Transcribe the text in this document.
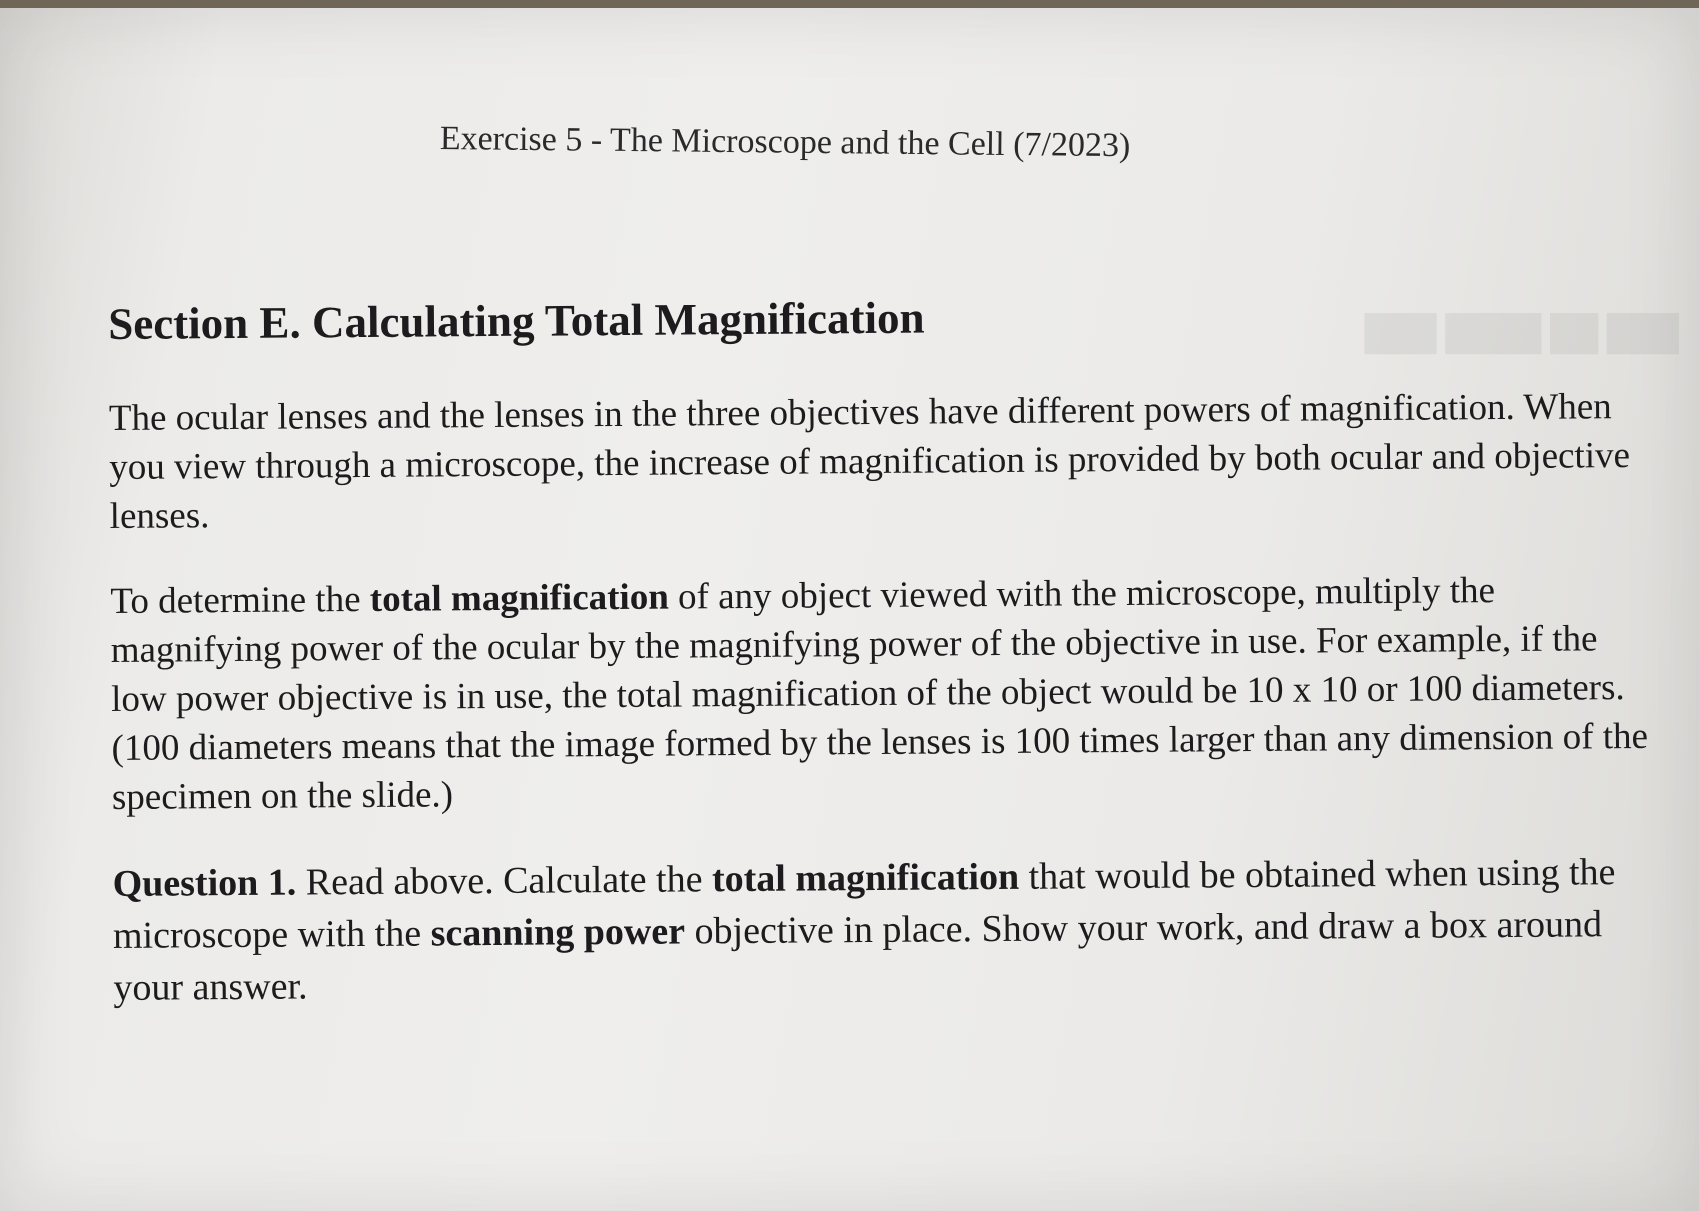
███ ██ ████ ███
Exercise 5 - The Microscope and the Cell (7/2023)
Section E. Calculating Total Magnification
The ocular lenses and the lenses in the three objectives have different powers of magnification. When you view through a microscope, the increase of magnification is provided by both ocular and objective lenses.
To determine the total magnification of any object viewed with the microscope, multiply the magnifying power of the ocular by the magnifying power of the objective in use. For example, if the low power objective is in use, the total magnification of the object would be 10 x 10 or 100 diameters. (100 diameters means that the image formed by the lenses is 100 times larger than any dimension of the specimen on the slide.)
Question 1. Read above. Calculate the total magnification that would be obtained when using the microscope with the scanning power objective in place. Show your work, and draw a box around your answer.
